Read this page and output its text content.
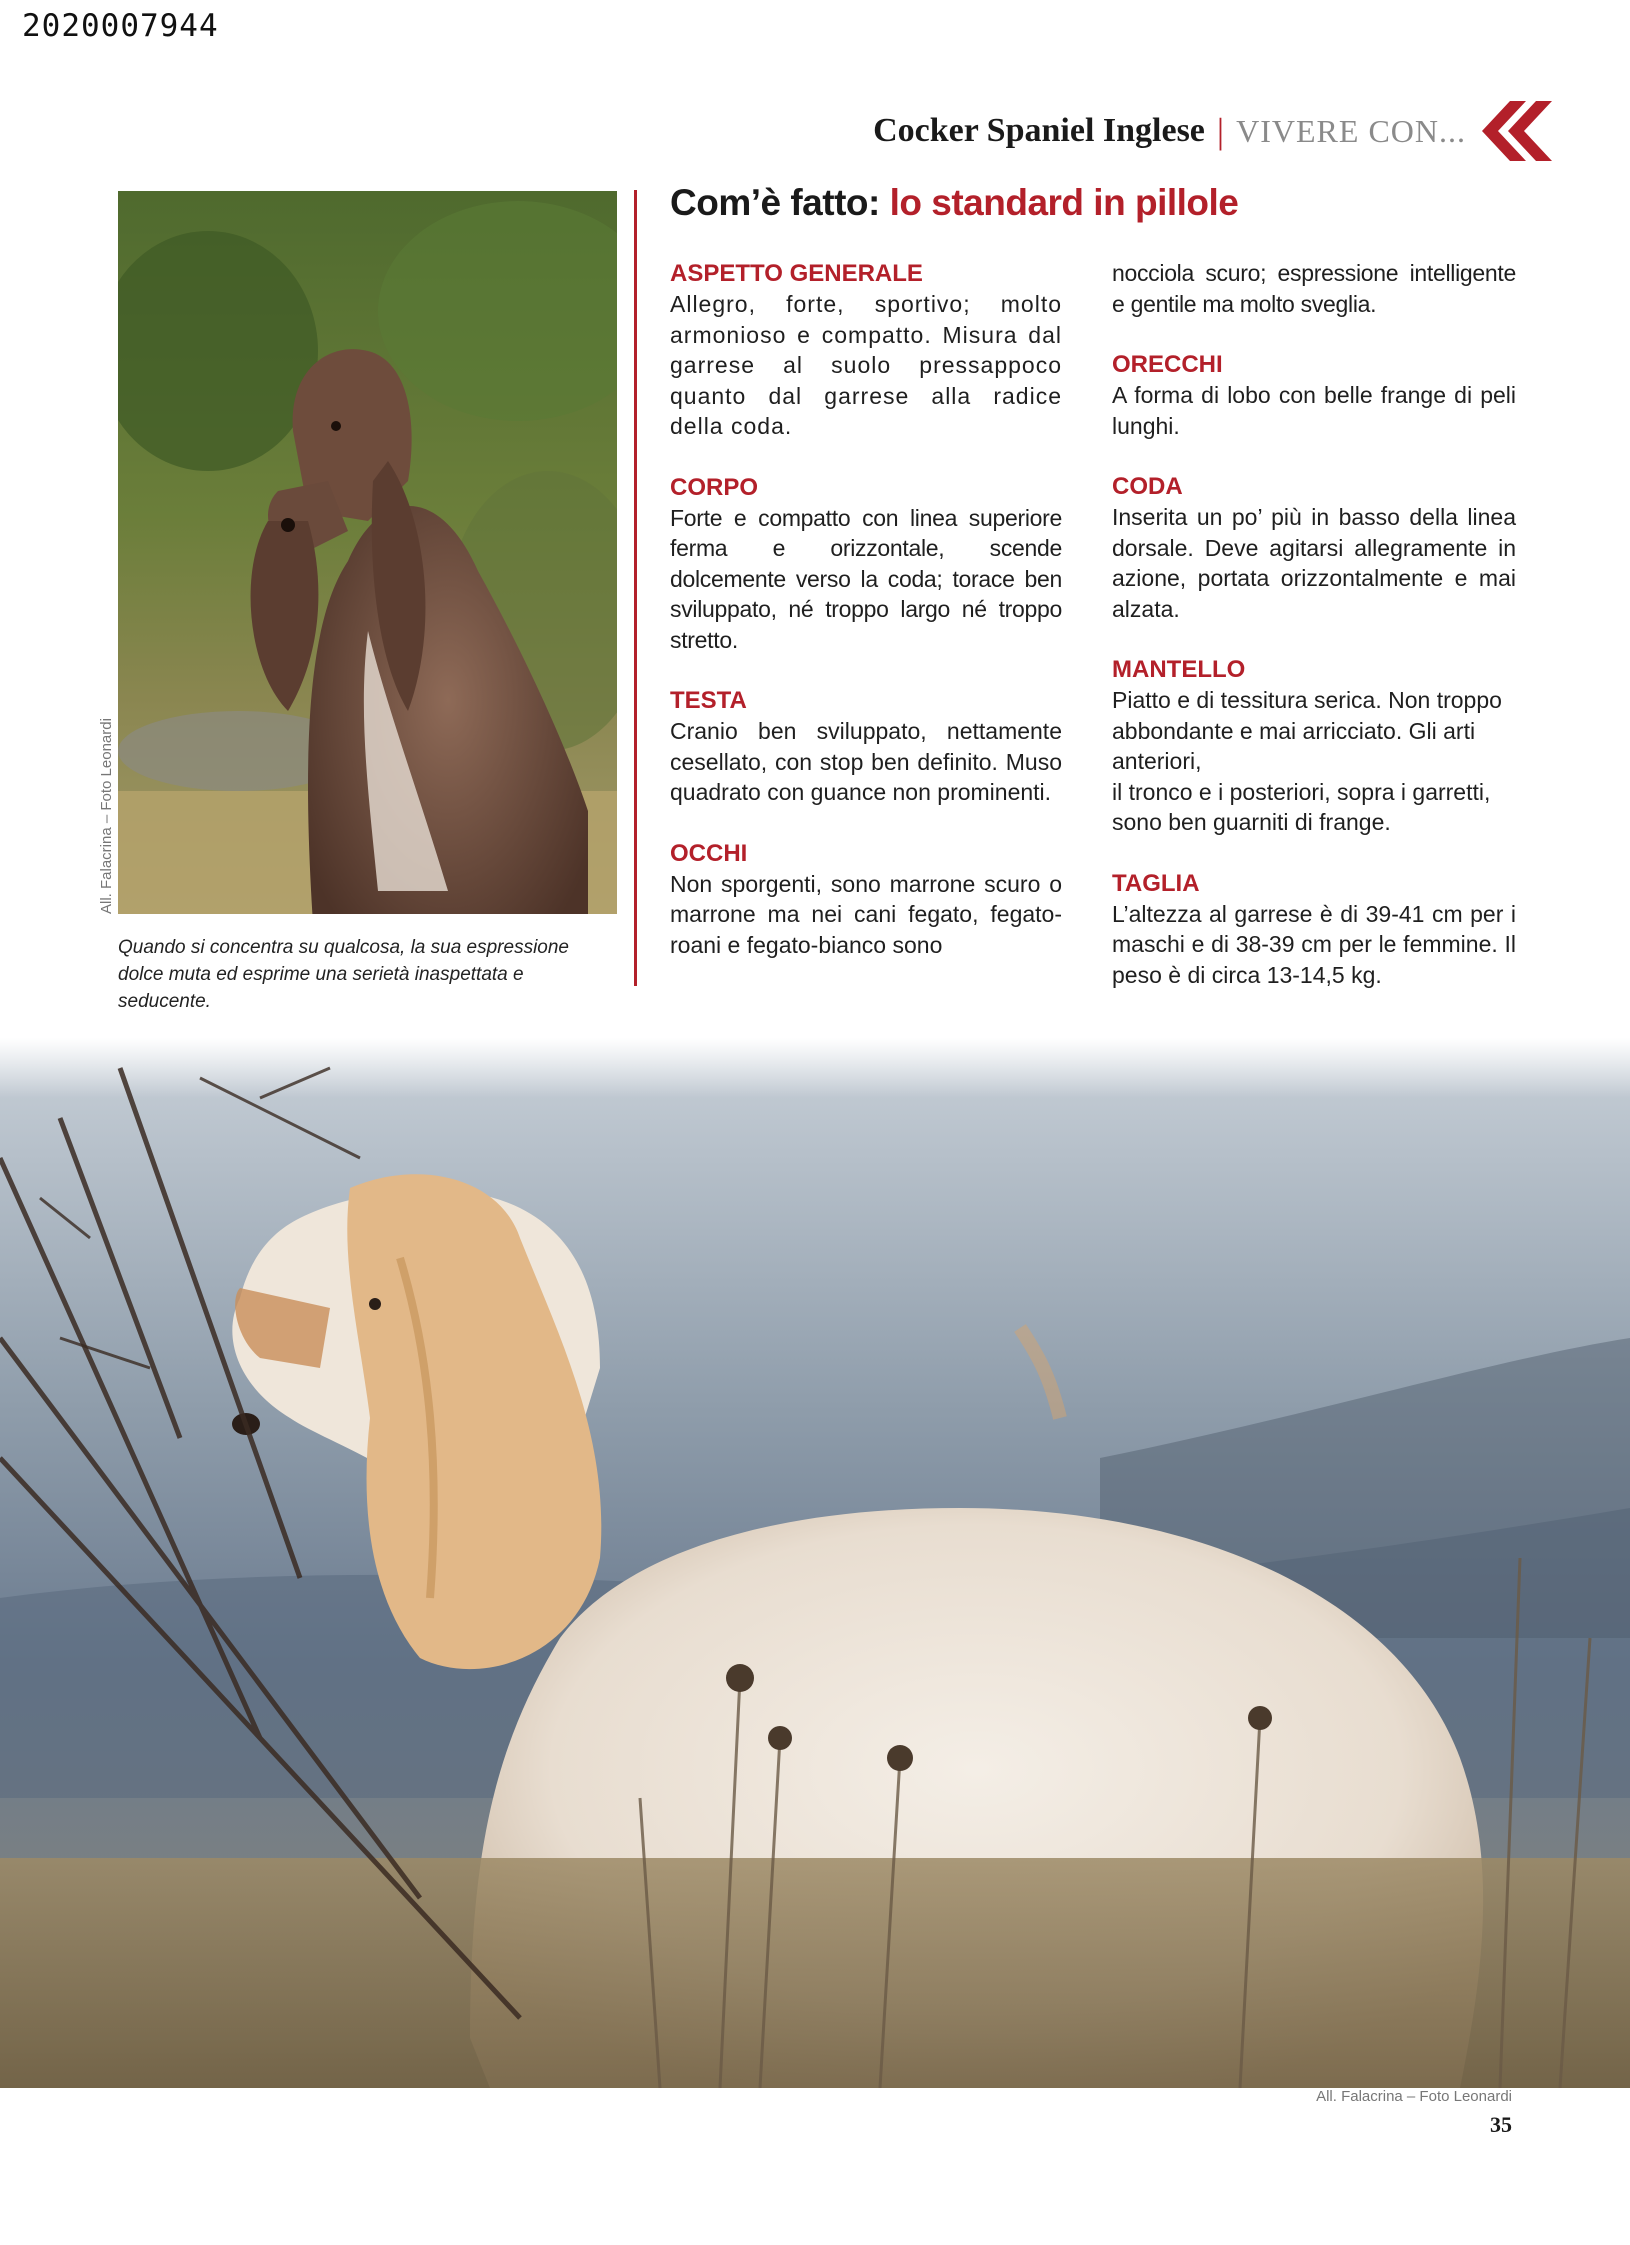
2020007944
Cocker Spaniel Inglese | VIVERE CON...
All. Falacrina – Foto Leonardi
Quando si concentra su qualcosa, la sua espressione dolce muta ed esprime una serietà inaspettata e seducente.
Com’è fatto: lo standard in pillole
ASPETTO GENERALE

Allegro, forte, sportivo; molto armonioso e compatto. Misura dal garrese al suolo pressappoco quanto dal garrese alla radice della coda.

CORPO

Forte e compatto con linea superiore ferma e orizzontale, scende dolcemente verso la coda; torace ben sviluppato, né troppo largo né troppo stretto.

TESTA

Cranio ben sviluppato, nettamente cesellato, con stop ben definito. Muso quadrato con guance non prominenti.

OCCHI

Non sporgenti, sono marrone scuro o marrone ma nei cani fegato, fegato-roani e fegato-bianco sono

nocciola scuro; espressione intelligente e gentile ma molto sveglia.

ORECCHI

A forma di lobo con belle frange di peli lunghi.

CODA

Inserita un po’ più in basso della linea dorsale. Deve agitarsi allegramente in azione, portata orizzontalmente e mai alzata.

MANTELLO

Piatto e di tessitura serica. Non troppo abbondante e mai arricciato. Gli arti anteriori,

il tronco e i posteriori, sopra i garretti, sono ben guarniti di frange.

TAGLIA

L’altezza al garrese è di 39-41 cm per i maschi e di 38-39 cm per le femmine. Il peso è di circa 13-14,5 kg.

All. Falacrina – Foto Leonardi
35
